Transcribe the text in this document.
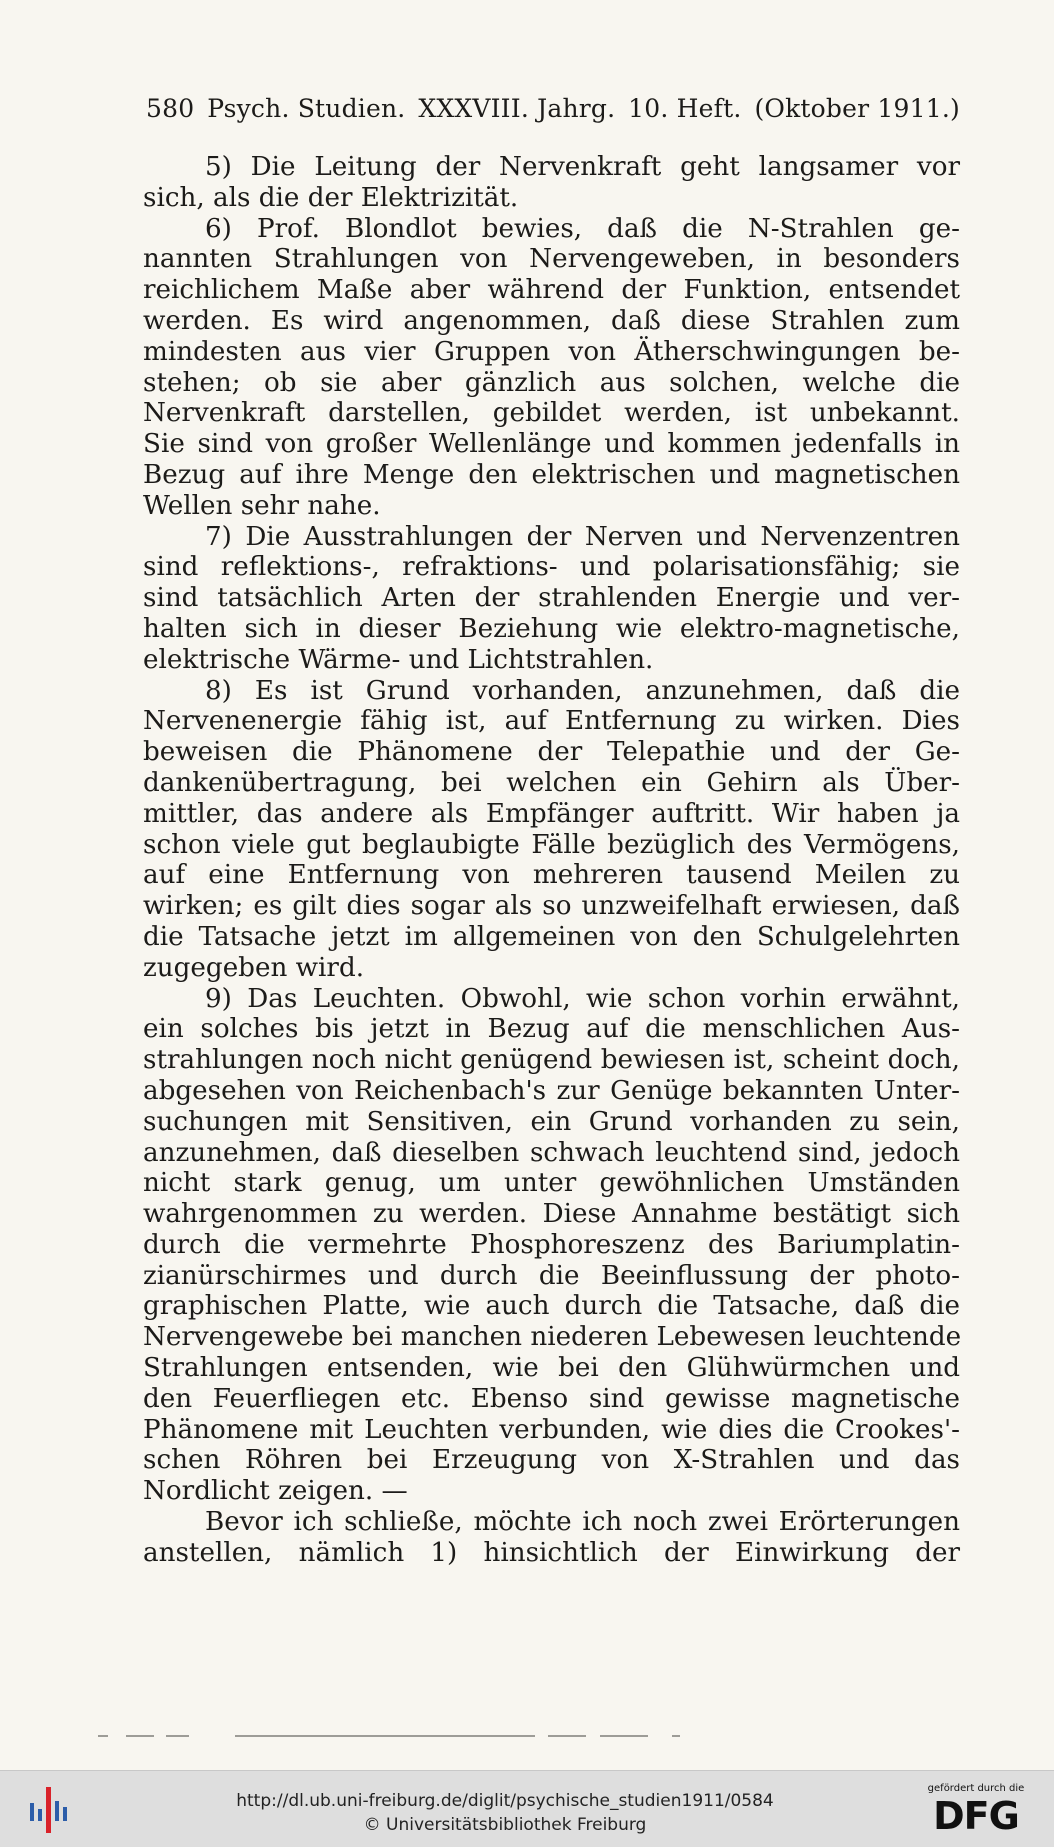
580 Psych. Studien. XXXVIII. Jahrg. 10. Heft. (Oktober 1911.)
5) Die Leitung der Nervenkraft geht langsamer vor
sich, als die der Elektrizität.
6) Prof. Blondlot bewies, daß die N-Strahlen ge-
nannten Strahlungen von Nervengeweben, in besonders
reichlichem Maße aber während der Funktion, entsendet
werden. Es wird angenommen, daß diese Strahlen zum
mindesten aus vier Gruppen von Ätherschwingungen be-
stehen; ob sie aber gänzlich aus solchen, welche die
Nervenkraft darstellen, gebildet werden, ist unbekannt.
Sie sind von großer Wellenlänge und kommen jedenfalls in
Bezug auf ihre Menge den elektrischen und magnetischen
Wellen sehr nahe.
7) Die Ausstrahlungen der Nerven und Nervenzentren
sind reflektions-, refraktions- und polarisationsfähig; sie
sind tatsächlich Arten der strahlenden Energie und ver-
halten sich in dieser Beziehung wie elektro-magnetische,
elektrische Wärme- und Lichtstrahlen.
8) Es ist Grund vorhanden, anzunehmen, daß die
Nervenenergie fähig ist, auf Entfernung zu wirken. Dies
beweisen die Phänomene der Telepathie und der Ge-
dankenübertragung, bei welchen ein Gehirn als Über-
mittler, das andere als Empfänger auftritt. Wir haben ja
schon viele gut beglaubigte Fälle bezüglich des Vermögens,
auf eine Entfernung von mehreren tausend Meilen zu
wirken; es gilt dies sogar als so unzweifelhaft erwiesen, daß
die Tatsache jetzt im allgemeinen von den Schulgelehrten
zugegeben wird.
9) Das Leuchten. Obwohl, wie schon vorhin erwähnt,
ein solches bis jetzt in Bezug auf die menschlichen Aus-
strahlungen noch nicht genügend bewiesen ist, scheint doch,
abgesehen von Reichenbach's zur Genüge bekannten Unter-
suchungen mit Sensitiven, ein Grund vorhanden zu sein,
anzunehmen, daß dieselben schwach leuchtend sind, jedoch
nicht stark genug, um unter gewöhnlichen Umständen
wahrgenommen zu werden. Diese Annahme bestätigt sich
durch die vermehrte Phosphoreszenz des Bariumplatin-
zianürschirmes und durch die Beeinflussung der photo-
graphischen Platte, wie auch durch die Tatsache, daß die
Nervengewebe bei manchen niederen Lebewesen leuchtende
Strahlungen entsenden, wie bei den Glühwürmchen und
den Feuerfliegen etc. Ebenso sind gewisse magnetische
Phänomene mit Leuchten verbunden, wie dies die Crookes'-
schen Röhren bei Erzeugung von X-Strahlen und das
Nordlicht zeigen. —
Bevor ich schließe, möchte ich noch zwei Erörterungen
anstellen, nämlich 1) hinsichtlich der Einwirkung der
http://dl.ub.uni-freiburg.de/diglit/psychische_studien1911/0584
© Universitätsbibliothek Freiburg
gefördert durch die
DFG
